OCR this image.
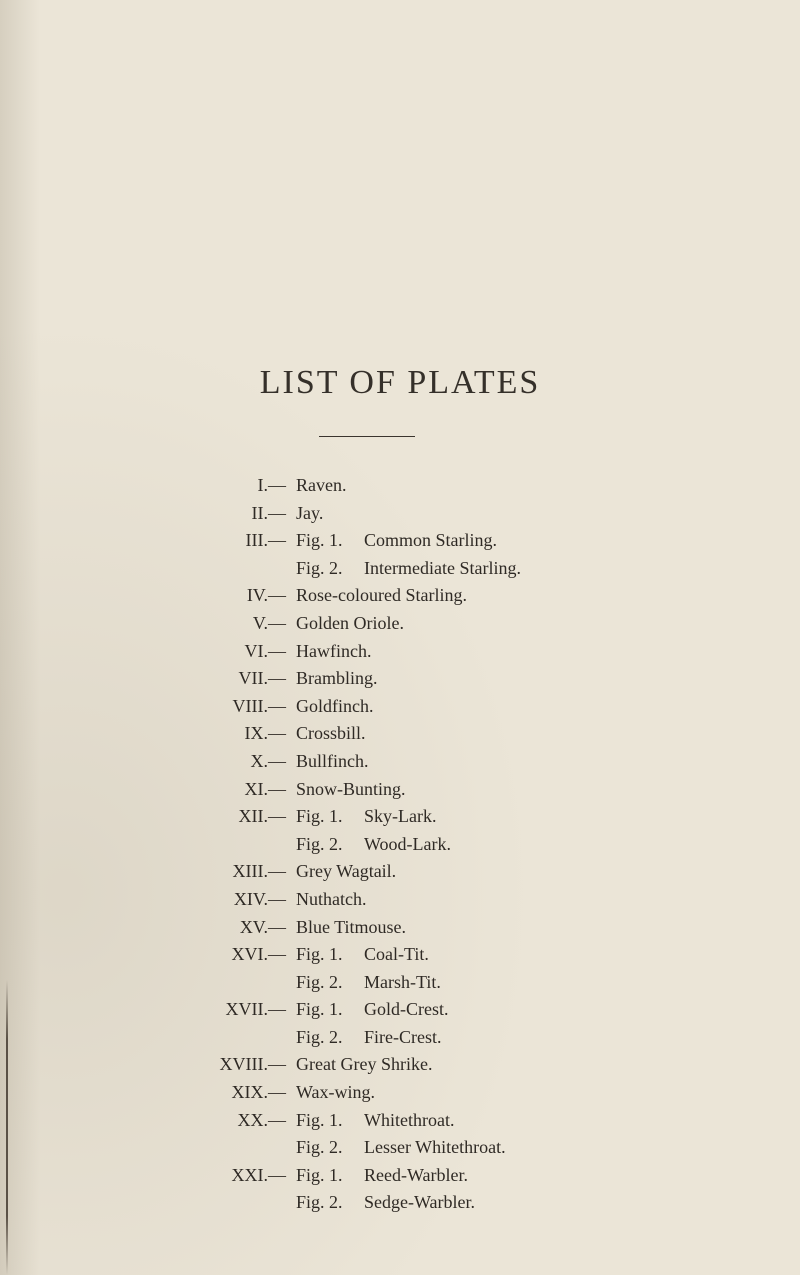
LIST OF PLATES
I. — Raven.
II. — Jay.
III. — Fig. 1. Common Starling.
Fig. 2. Intermediate Starling.
IV. — Rose-coloured Starling.
V. — Golden Oriole.
VI. — Hawfinch.
VII. — Brambling.
VIII. — Goldfinch.
IX. — Crossbill.
X. — Bullfinch.
XI. — Snow-Bunting.
XII. — Fig. 1. Sky-Lark.
Fig. 2. Wood-Lark.
XIII. — Grey Wagtail.
XIV. — Nuthatch.
XV. — Blue Titmouse.
XVI. — Fig. 1. Coal-Tit.
Fig. 2. Marsh-Tit.
XVII. — Fig. 1. Gold-Crest.
Fig. 2. Fire-Crest.
XVIII. — Great Grey Shrike.
XIX. — Wax-wing.
XX. — Fig. 1. Whitethroat.
Fig. 2. Lesser Whitethroat.
XXI. — Fig. 1. Reed-Warbler.
Fig. 2. Sedge-Warbler.
